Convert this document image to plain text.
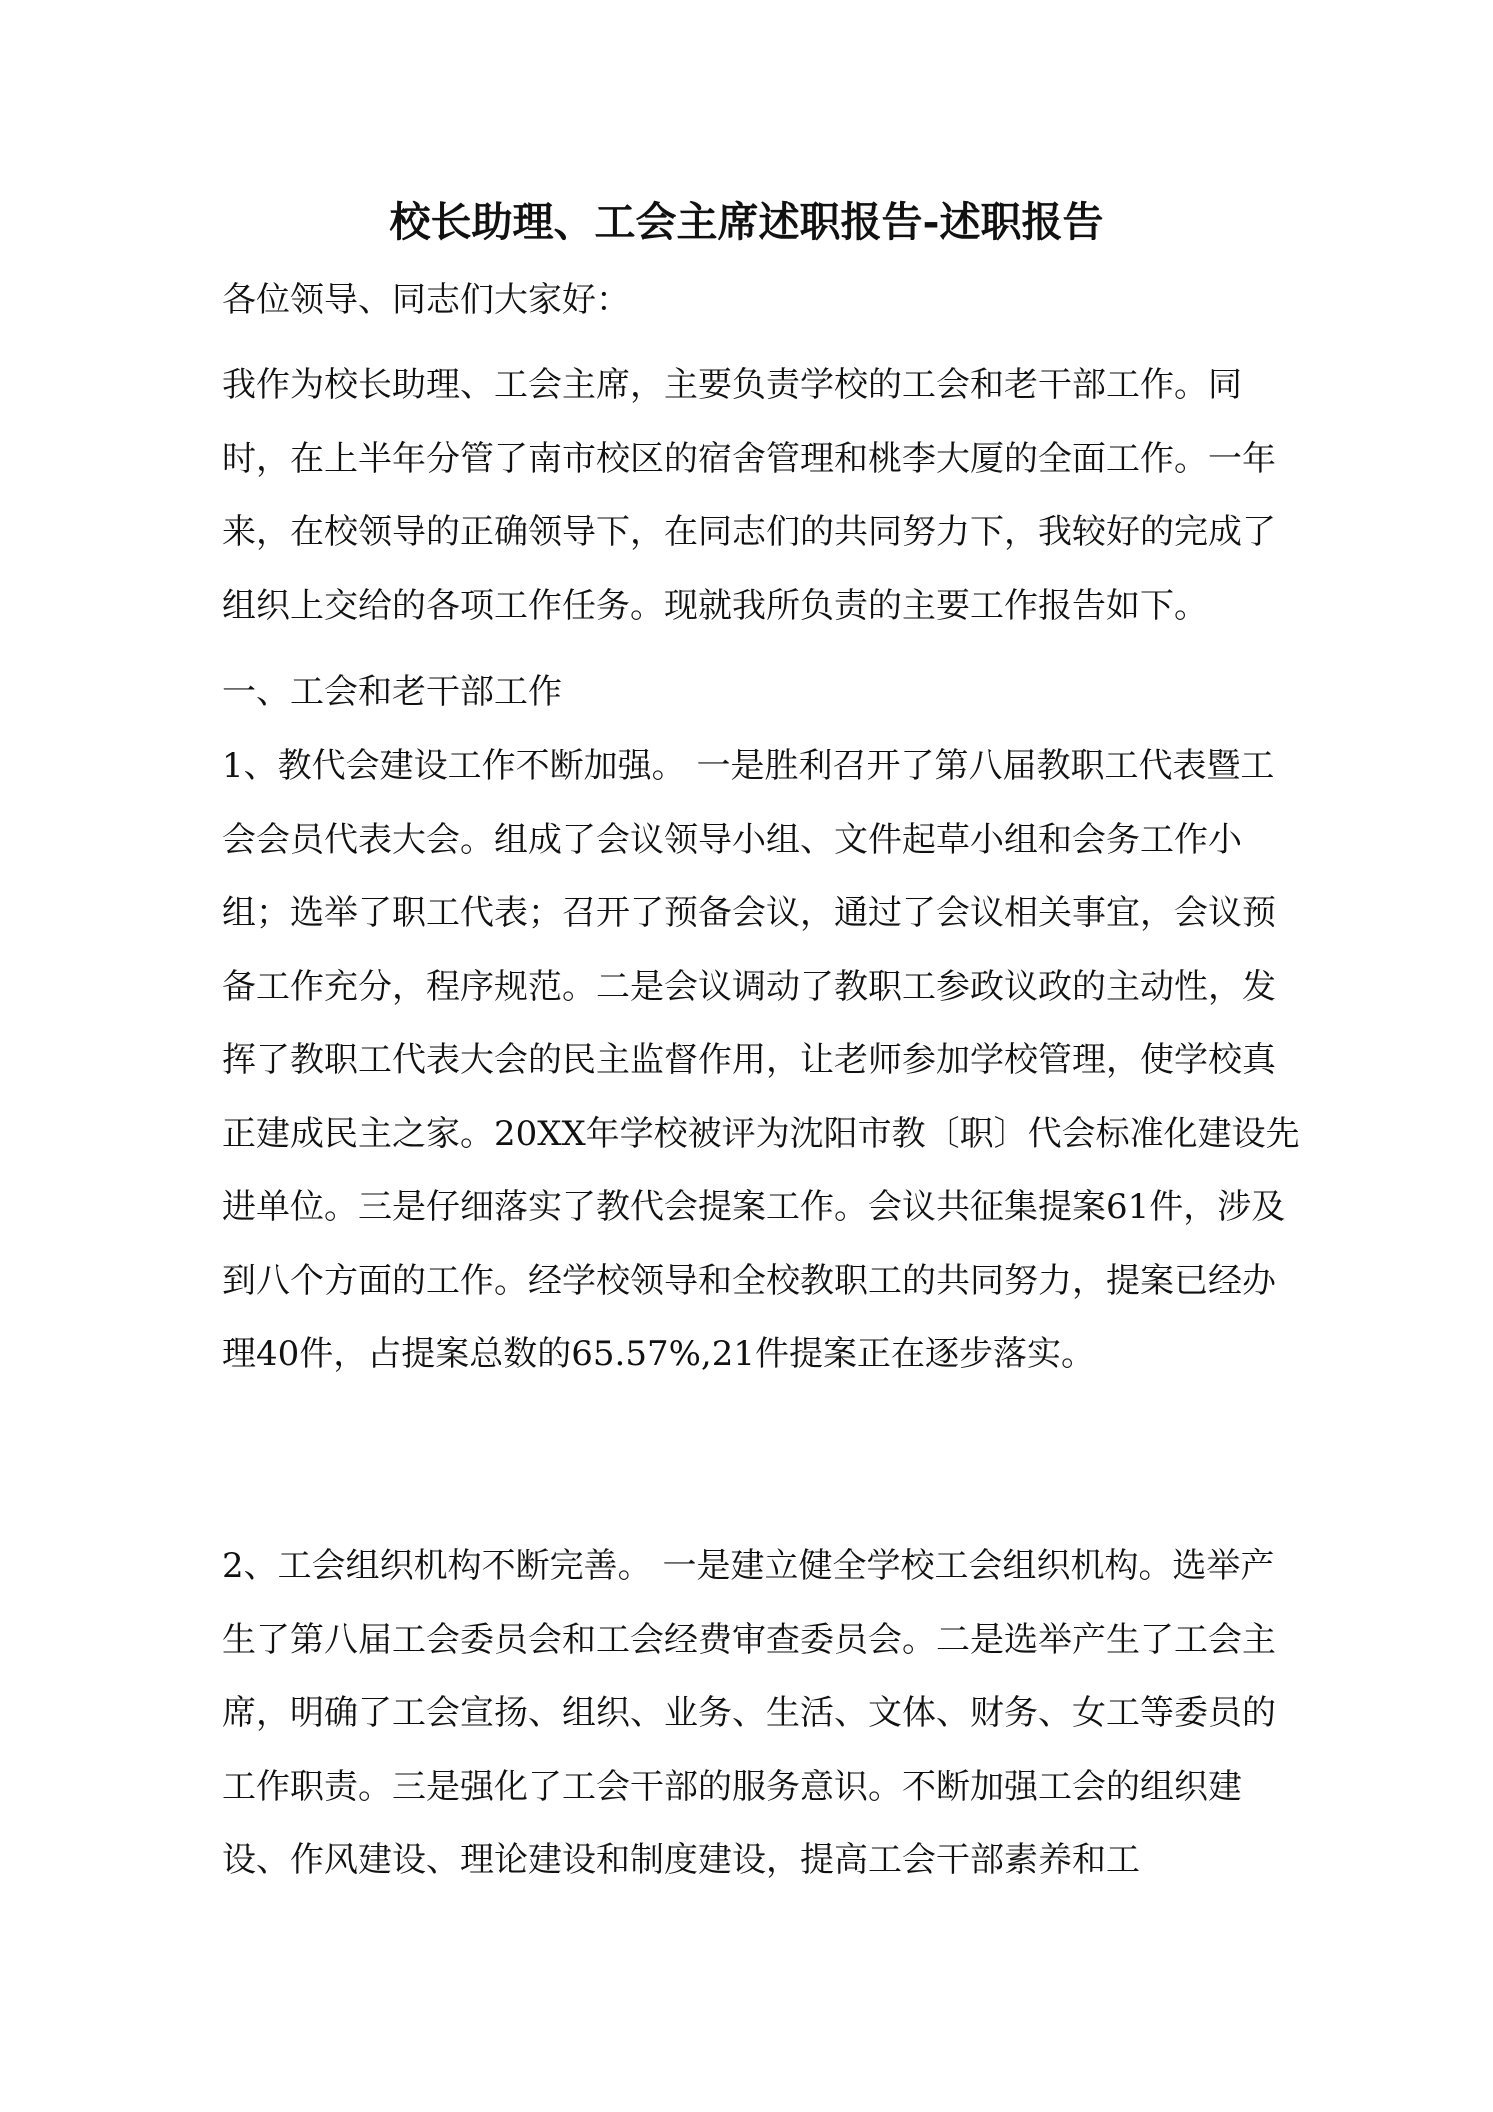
校长助理、工会主席述职报告-述职报告

各位领导、同志们大家好：

我作为校长助理、工会主席，主要负责学校的工会和老干部工作。同时，在上半年分管了南市校区的宿舍管理和桃李大厦的全面工作。一年来，在校领导的正确领导下，在同志们的共同努力下，我较好的完成了组织上交给的各项工作任务。现就我所负责的主要工作报告如下。

一、工会和老干部工作

1、教代会建设工作不断加强。 一是胜利召开了第八届教职工代表暨工会会员代表大会。组成了会议领导小组、文件起草小组和会务工作小组；选举了职工代表；召开了预备会议，通过了会议相关事宜，会议预备工作充分，程序规范。二是会议调动了教职工参政议政的主动性，发挥了教职工代表大会的民主监督作用，让老师参加学校管理，使学校真正建成民主之家。20XX年学校被评为沈阳市教〔职〕代会标准化建设先进单位。三是仔细落实了教代会提案工作。会议共征集提案61件，涉及到八个方面的工作。经学校领导和全校教职工的共同努力，提案已经办理40件，占提案总数的65.57%,21件提案正在逐步落实。

2、工会组织机构不断完善。 一是建立健全学校工会组织机构。选举产生了第八届工会委员会和工会经费审查委员会。二是选举产生了工会主席，明确了工会宣扬、组织、业务、生活、文体、财务、女工等委员的工作职责。三是强化了工会干部的服务意识。不断加强工会的组织建设、作风建设、理论建设和制度建设，提高工会干部素养和工
